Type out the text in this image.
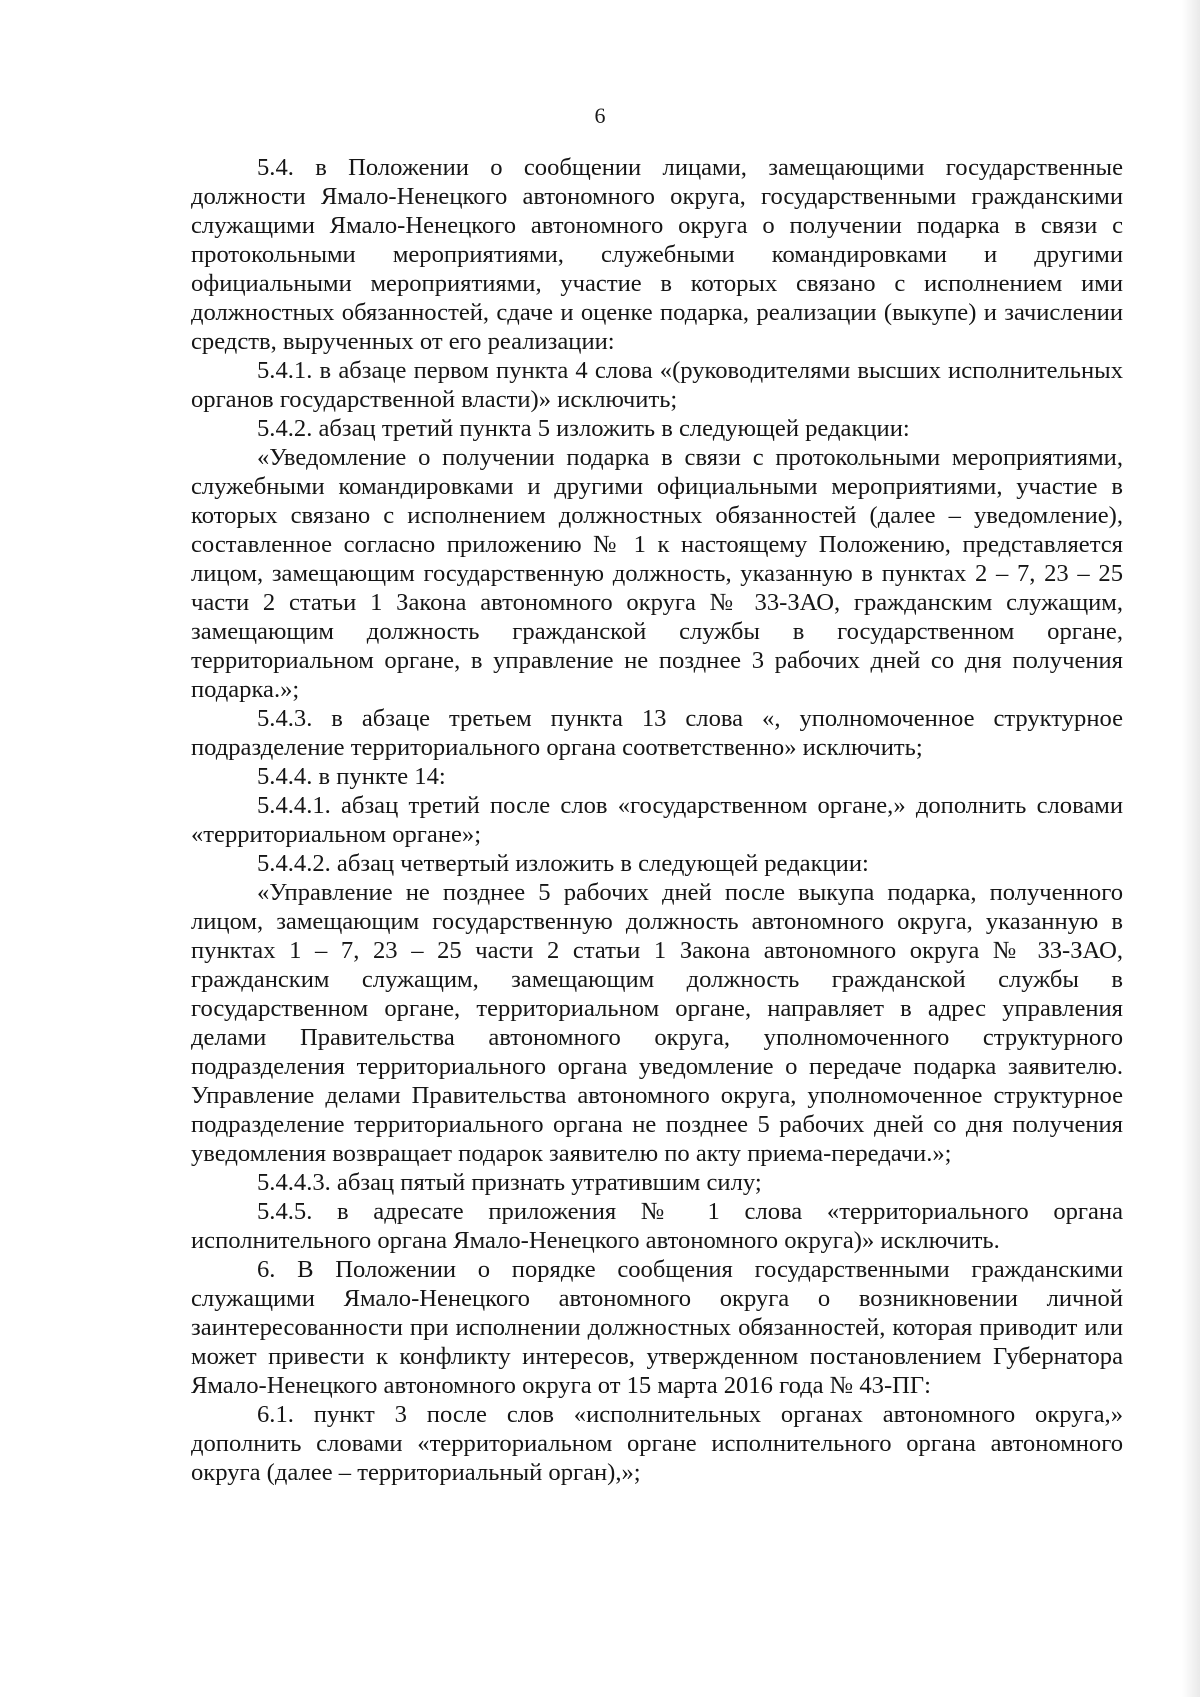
6

5.4. в Положении о сообщении лицами, замещающими государственные должности Ямало-Ненецкого автономного округа, государственными гражданскими служащими Ямало-Ненецкого автономного округа о получении подарка в связи с протокольными мероприятиями, служебными командировками и другими официальными мероприятиями, участие в которых связано с исполнением ими должностных обязанностей, сдаче и оценке подарка, реализации (выкупе) и зачислении средств, вырученных от его реализации:

5.4.1. в абзаце первом пункта 4 слова «(руководителями высших исполнительных органов государственной власти)» исключить;

5.4.2. абзац третий пункта 5 изложить в следующей редакции:

«Уведомление о получении подарка в связи с протокольными мероприятиями, служебными командировками и другими официальными мероприятиями, участие в которых связано с исполнением должностных обязанностей (далее – уведомление), составленное согласно приложению № 1 к настоящему Положению, представляется лицом, замещающим государственную должность, указанную в пунктах 2 – 7, 23 – 25 части 2 статьи 1 Закона автономного округа № 33-ЗАО, гражданским служащим, замещающим должность гражданской службы в государственном органе, территориальном органе, в управление не позднее 3 рабочих дней со дня получения подарка.»;

5.4.3. в абзаце третьем пункта 13 слова «, уполномоченное структурное подразделение территориального органа соответственно» исключить;

5.4.4. в пункте 14:

5.4.4.1. абзац третий после слов «государственном органе,» дополнить словами «территориальном органе»;

5.4.4.2. абзац четвертый изложить в следующей редакции:

«Управление не позднее 5 рабочих дней после выкупа подарка, полученного лицом, замещающим государственную должность автономного округа, указанную в пунктах 1 – 7, 23 – 25 части 2 статьи 1 Закона автономного округа № 33-ЗАО, гражданским служащим, замещающим должность гражданской службы в государственном органе, территориальном органе, направляет в адрес управления делами Правительства автономного округа, уполномоченного структурного подразделения территориального органа уведомление о передаче подарка заявителю. Управление делами Правительства автономного округа, уполномоченное структурное подразделение территориального органа не позднее 5 рабочих дней со дня получения уведомления возвращает подарок заявителю по акту приема-передачи.»;

5.4.4.3. абзац пятый признать утратившим силу;

5.4.5. в адресате приложения № 1 слова «территориального органа исполнительного органа Ямало-Ненецкого автономного округа)» исключить.

6. В Положении о порядке сообщения государственными гражданскими служащими Ямало-Ненецкого автономного округа о возникновении личной заинтересованности при исполнении должностных обязанностей, которая приводит или может привести к конфликту интересов, утвержденном постановлением Губернатора Ямало-Ненецкого автономного округа от 15 марта 2016 года № 43-ПГ:

6.1. пункт 3 после слов «исполнительных органах автономного округа,» дополнить словами «территориальном органе исполнительного органа автономного округа (далее – территориальный орган),»;
